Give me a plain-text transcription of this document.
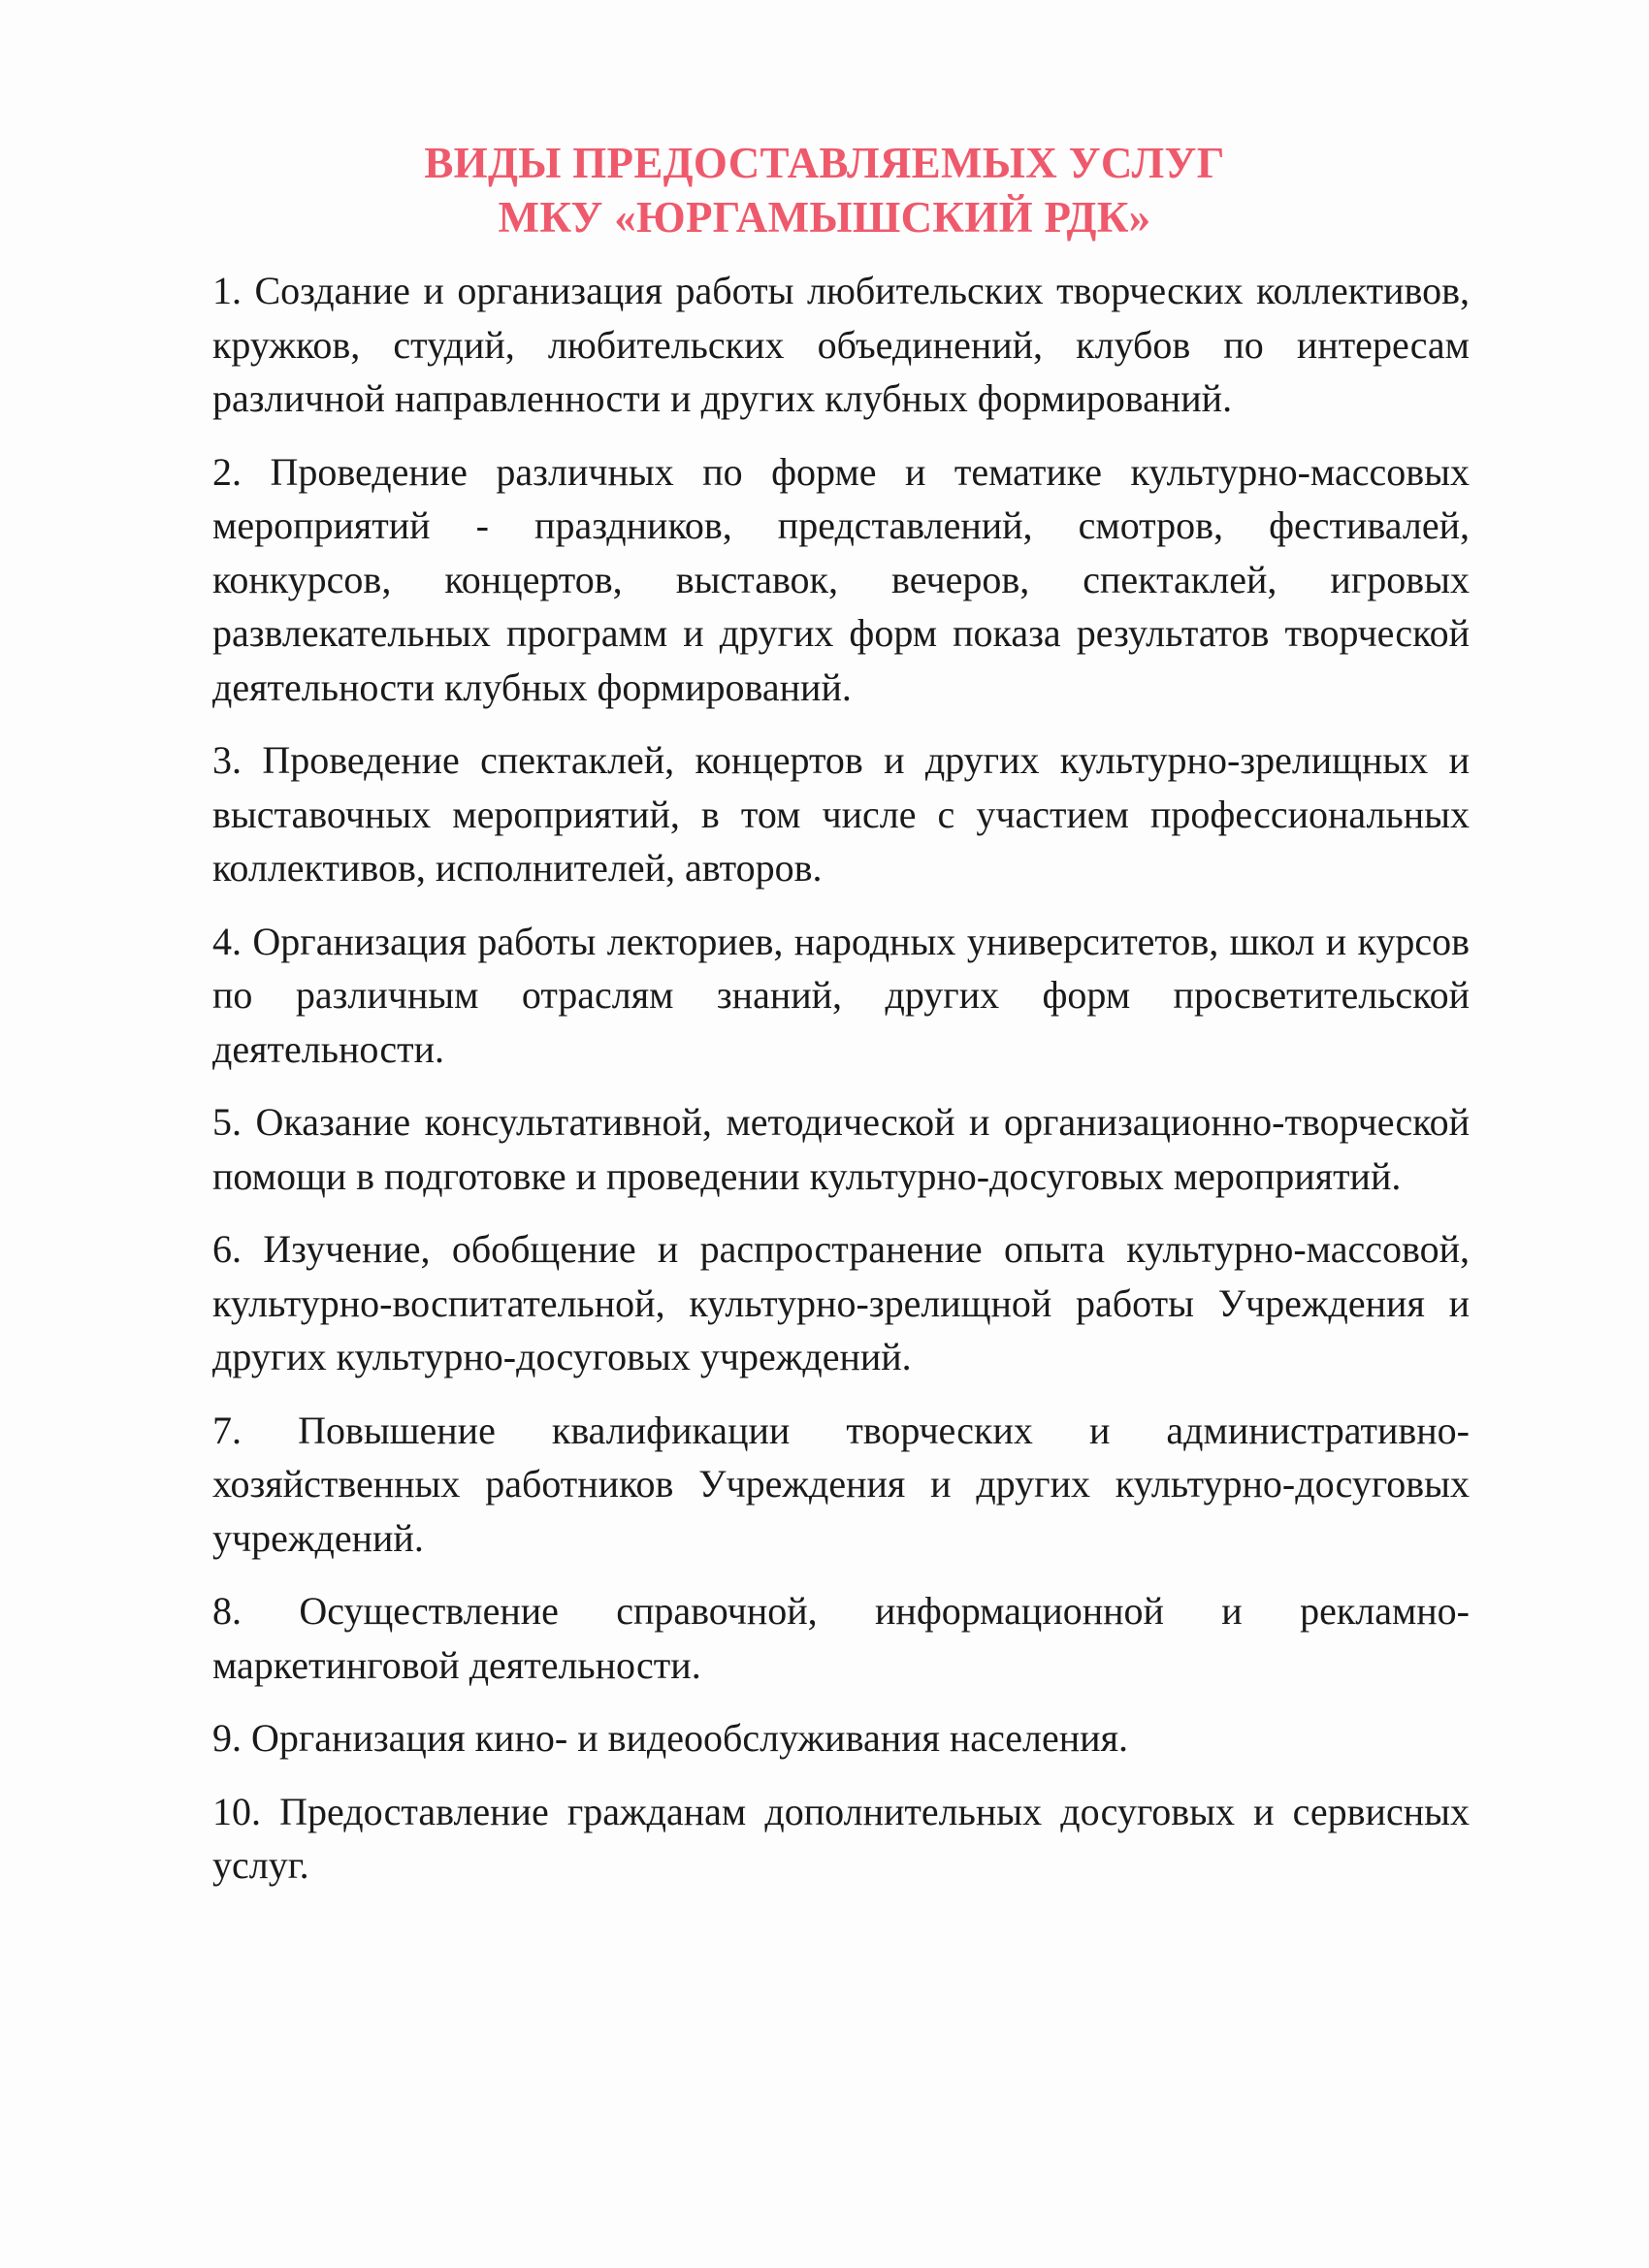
ВИДЫ ПРЕДОСТАВЛЯЕМЫХ УСЛУГ
МКУ «ЮРГАМЫШСКИЙ РДК»

1. Создание и организация работы любительских творческих коллективов, кружков, студий, любительских объединений, клубов по интересам различной направленности и других клубных формирований.

2. Проведение различных по форме и тематике культурно-массовых мероприятий - праздников, представлений, смотров, фестивалей, конкурсов, концертов, выставок, вечеров, спектаклей, игровых развлекательных программ и других форм показа результатов творческой деятельности клубных формирований.

3. Проведение спектаклей, концертов и других культурно-зрелищных и выставочных мероприятий, в том числе с участием профессиональных коллективов, исполнителей, авторов.

4. Организация работы лекториев, народных университетов, школ и курсов по различным отраслям знаний, других форм просветительской деятельности.

5. Оказание консультативной, методической и организационно-творческой помощи в подготовке и проведении культурно-досуговых мероприятий.

6. Изучение, обобщение и распространение опыта культурно-массовой, культурно-воспитательной, культурно-зрелищной работы Учреждения и других культурно-досуговых учреждений.

7. Повышение квалификации творческих и административно-хозяйственных работников Учреждения и других культурно-досуговых учреждений.

8. Осуществление справочной, информационной и рекламно-маркетинговой деятельности.

9. Организация кино- и видеообслуживания населения.

10. Предоставление гражданам дополнительных досуговых и сервисных услуг.
